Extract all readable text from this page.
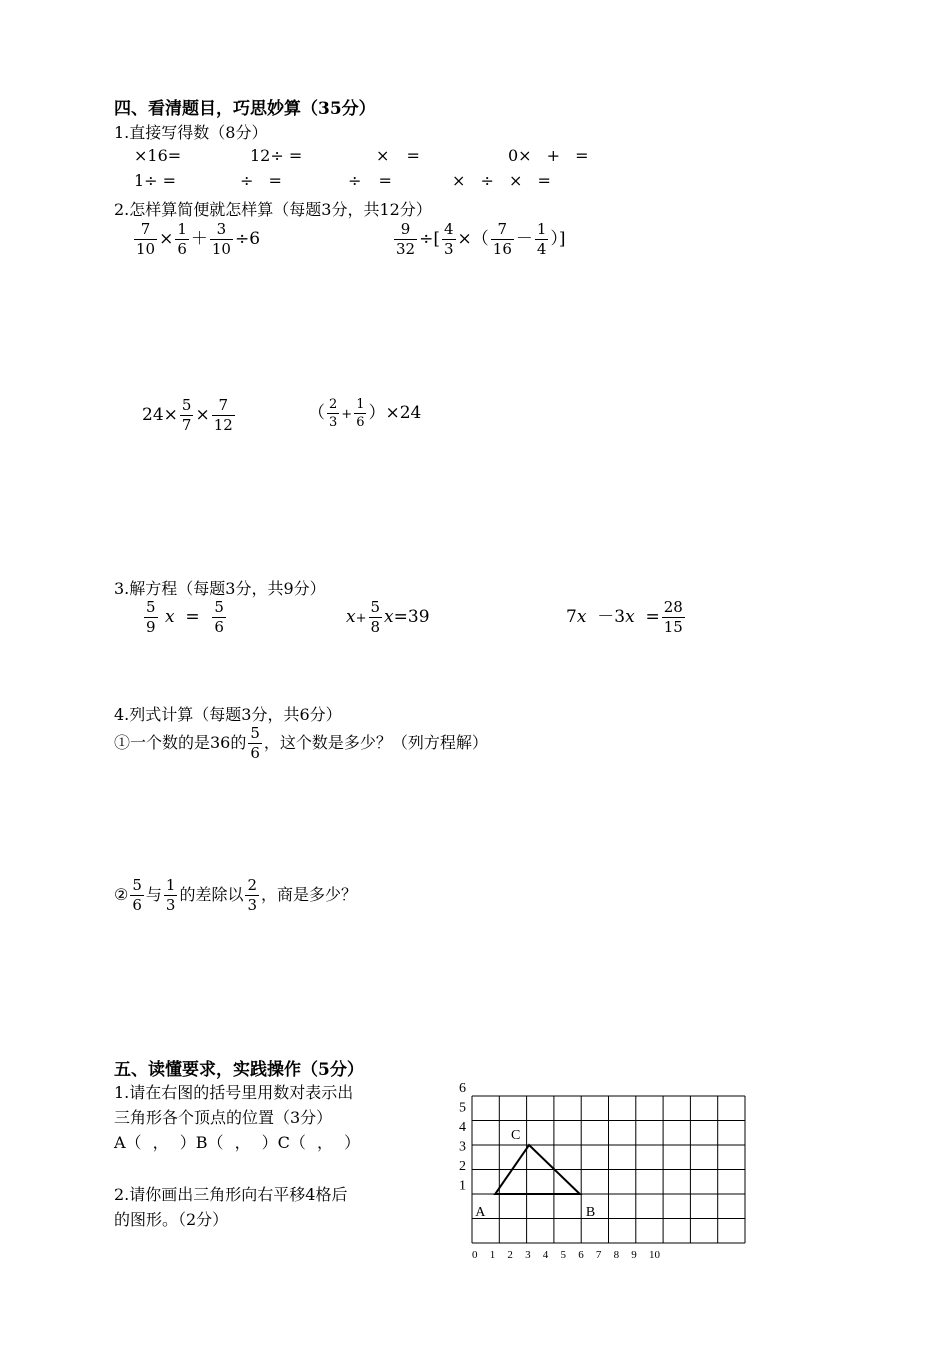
四、看清题目，巧思妙算（35分）
1.直接写得数（8分）
×16=	12÷ =	× =	0× + =
1÷ =	÷ =	÷ =	× ÷ × =
2.怎样算简便就怎样算（每题3分，共12分）
$\frac{7}{10} \times \frac{1}{6} + \frac{3}{10} \div 6$	$\frac{9}{32}$ ÷[ $\frac{4}{3}$ ×（ $\frac{7}{16} - \frac{1}{4}$ ）]
$24\times \frac{5}{7} \times \frac{7}{12}$	（ $\frac{2}{3} + \frac{1}{6} )\times 24$
3.解方程（每题3分，共9分）
$\frac{5}{9}$ $x = \frac{5}{6}$	$x+ \frac{5}{8} x=39$	$7x -3x = \frac{28}{15}$
4.列式计算（每题3分，共6分）
①一个数的是36的 $\frac{5}{6}$ ，这个数是多少？（列方程解）
② $\frac{5}{6}$ 与 $\frac{1}{3}$ 的差除以 $\frac{2}{3}$ ，商是多少？
五、读懂要求，实践操作（5分）
1.请在右图的括号里用数对表示出
三角形各个顶点的位置（3分）
A（ ， ）B（ ， ）C（ ， ）
2.请你画出三角形向右平移4格后
的图形。（2分）
6
5
4
3
2
1
0 1 2 3 4 5 6 7 8 9 10
A	B
C
